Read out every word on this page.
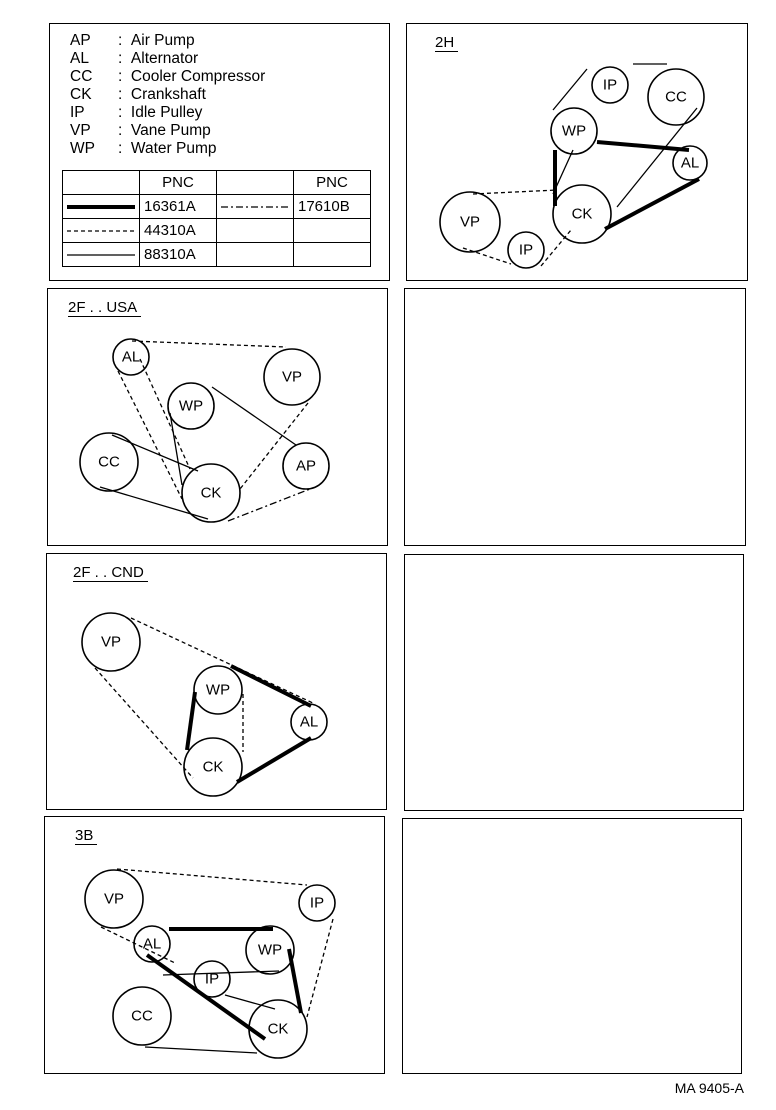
AP	: Air Pump
AL	: Alternator
CC	: Cooler Compressor
CK	: Crankshaft
IP	: Idle Pulley
VP	: Vane Pump
WP	: Water Pump
	PNC		PNC

	16361A		17610B

	44310A		

	88310A		
2H
IP
CC
WP
AL
CK
VP
IP
2F . . USA
AL
VP
WP
CC
CK
AP
2F . . CND
VP
WP
AL
CK
3B
VP	IP
AL	WP
IP
CC
CK
MA 9405-A
